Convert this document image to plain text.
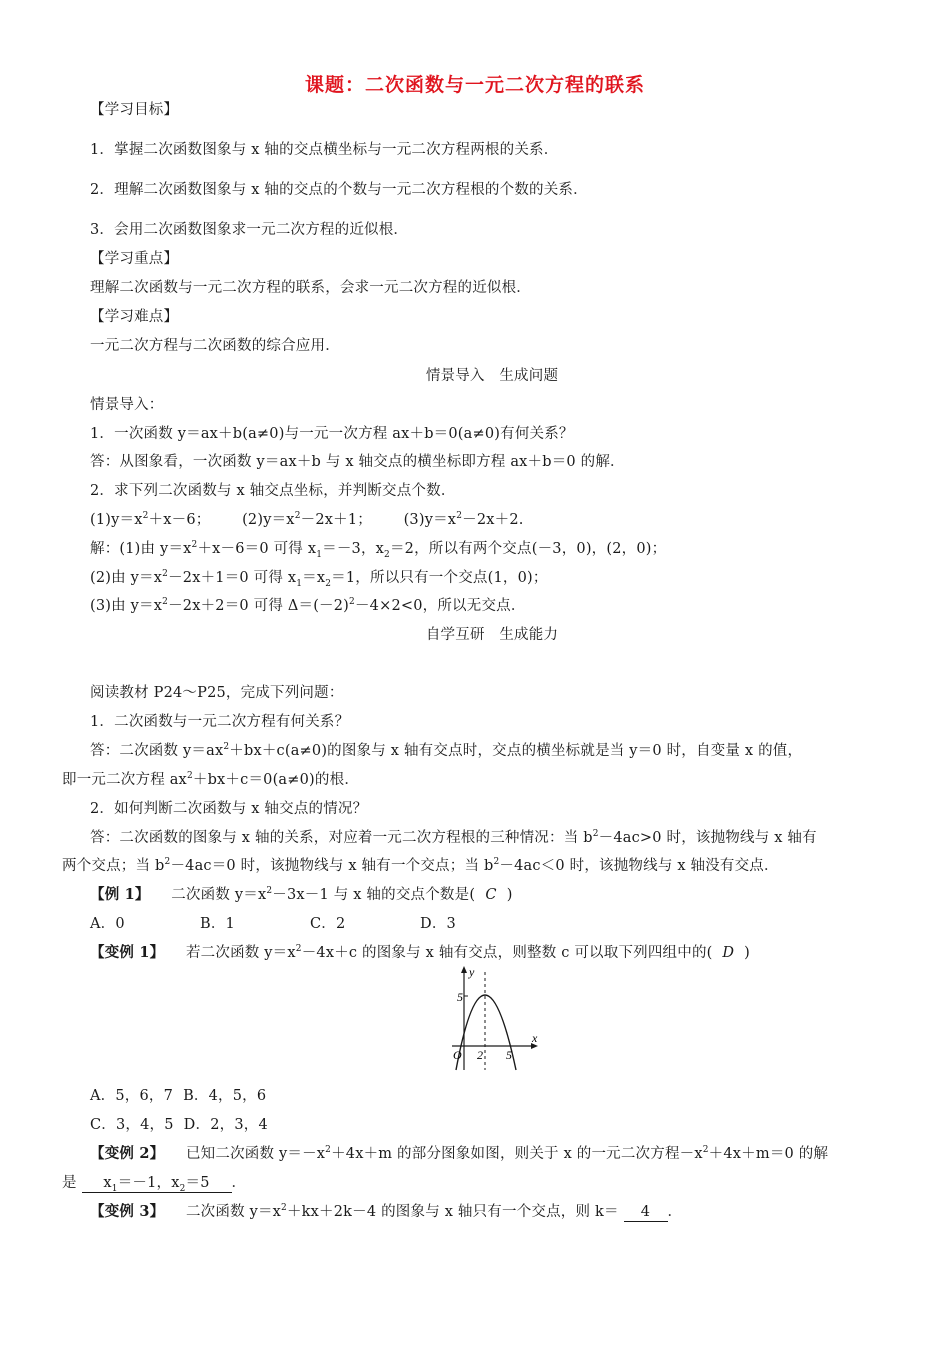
课题：二次函数与一元二次方程的联系
【学习目标】
1．掌握二次函数图象与 x 轴的交点横坐标与一元二次方程两根的关系．
2．理解二次函数图象与 x 轴的交点的个数与一元二次方程根的个数的关系．
3．会用二次函数图象求一元二次方程的近似根．
【学习重点】
理解二次函数与一元二次方程的联系，会求一元二次方程的近似根．
【学习难点】
一元二次方程与二次函数的综合应用．
情景导入　生成问题
情景导入：
1．一次函数 y＝ax＋b(a≠0)与一元一次方程 ax＋b＝0(a≠0)有何关系？
答：从图象看，一次函数 y＝ax＋b 与 x 轴交点的横坐标即方程 ax＋b＝0 的解．
2．求下列二次函数与 x 轴交点坐标，并判断交点个数．
$(1)y=x^2+x-6$； $(2)y=x^2-2x+1$； $(3)y=x^2-2x+2$.
解：(1)由 $y=x^2+x-6=0$ 可得 $x_1=-3$，$x_2=2$，所以有两个交点(－3，0)，(2，0)；
(2)由 $y=x^2-2x+1=0$ 可得 $x_1=x_2=1$，所以只有一个交点(1，0)；
(3)由 $y=x^2-2x+2=0$ 可得 $\Delta=(-2)^2-4\times 2<0$，所以无交点．
自学互研　生成能力
阅读教材 P24～P25，完成下列问题：
1．二次函数与一元二次方程有何关系？
答：二次函数 $y=ax^2+bx+c(a\ne 0)$的图象与 x 轴有交点时，交点的横坐标就是当 y＝0 时，自变量 x 的值，
即一元二次方程 $ax^2+bx+c=0(a\ne 0)$的根．
2．如何判断二次函数与 x 轴交点的情况？
答：二次函数的图象与 x 轴的关系，对应着一元二次方程根的三种情况：当 $b^2-4ac>0$ 时，该抛物线与 x 轴有
两个交点；当 $b^2-4ac=0$ 时，该抛物线与 x 轴有一个交点；当 $b^2-4ac<0$ 时，该抛物线与 x 轴没有交点．
【例 1】 二次函数 $y=x^2-3x-1$ 与 x 轴的交点个数是( C )
A．0	B．1	C．2	D．3
【变例 1】 若二次函数 $y=x^2-4x+c$ 的图象与 x 轴有交点，则整数 c 可以取下列四组中的( D )
y
x
O
5
2 5
A．5，6，7 B．4，5，6
C．3，4，5 D．2，3，4
【变例 2】 已知二次函数 $y=-x^2+4x+m$ 的部分图象如图，则关于 x 的一元二次方程$-x^2+4x+m=0$ 的解
是 $x_1=-1$，$x_2=5$ ．
【变例 3】 二次函数 $y=x^2+kx+2k-4$ 的图象与 x 轴只有一个交点，则 k＝ 4 ．
